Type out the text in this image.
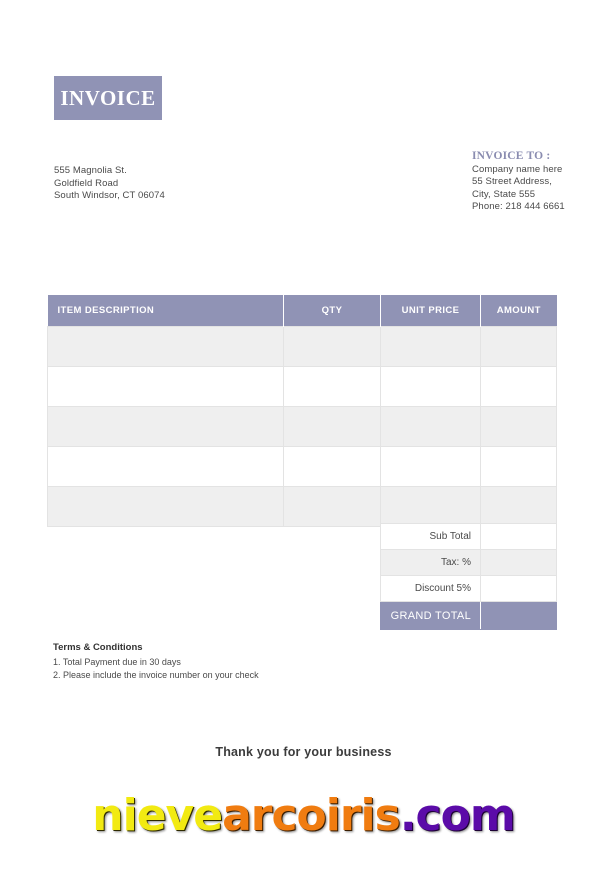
INVOICE
555 Magnolia St.
Goldfield Road
South Windsor, CT 06074
INVOICE TO :
Company name here
55 Street Address,
City, State 555
Phone: 218 444 6661
ITEM DESCRIPTION	QTY	UNIT PRICE	AMOUNT

Sub Total	
Tax: %	
Discount 5%	
GRAND TOTAL	
Terms & Conditions
1. Total Payment due in 30 days
2. Please include the invoice number on your check
Thank you for your business
nievearcoiris.com
